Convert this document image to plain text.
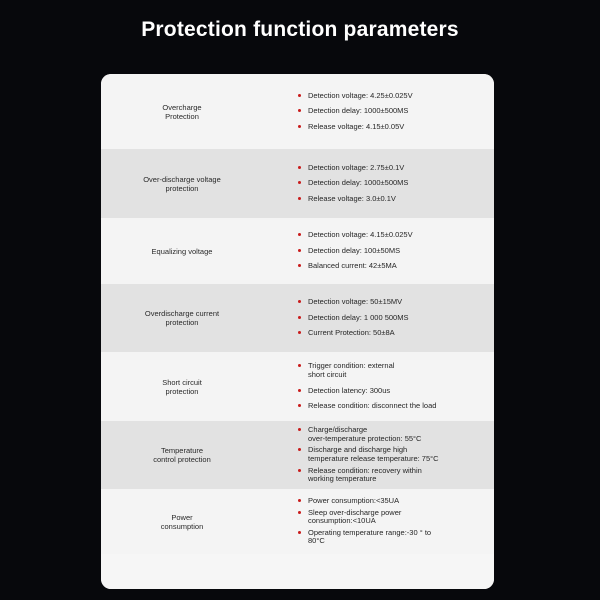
Protection function parameters
Overcharge
Protection
Detection voltage: 4.25±0.025V
Detection delay: 1000±500MS
Release voltage: 4.15±0.05V
Over-discharge voltage
protection
Detection voltage: 2.75±0.1V
Detection delay: 1000±500MS
Release voltage: 3.0±0.1V
Equalizing voltage
Detection voltage: 4.15±0.025V
Detection delay: 100±50MS
Balanced current: 42±5MA
Overdischarge current
protection
Detection voltage: 50±15MV
Detection delay: 1 000 500MS
Current Protection: 50±8A
Short circuit
protection
Trigger condition: external
short circuit
Detection latency: 300us
Release condition: disconnect the load
Temperature
control protection
Charge/discharge
over-temperature protection: 55°C
Discharge and discharge high
temperature release temperature: 75°C
Release condition: recovery within
working temperature
Power
consumption
Power consumption:<35UA
Sleep over-discharge power
consumption:<10UA
Operating temperature range:-30 ° to
80°C
